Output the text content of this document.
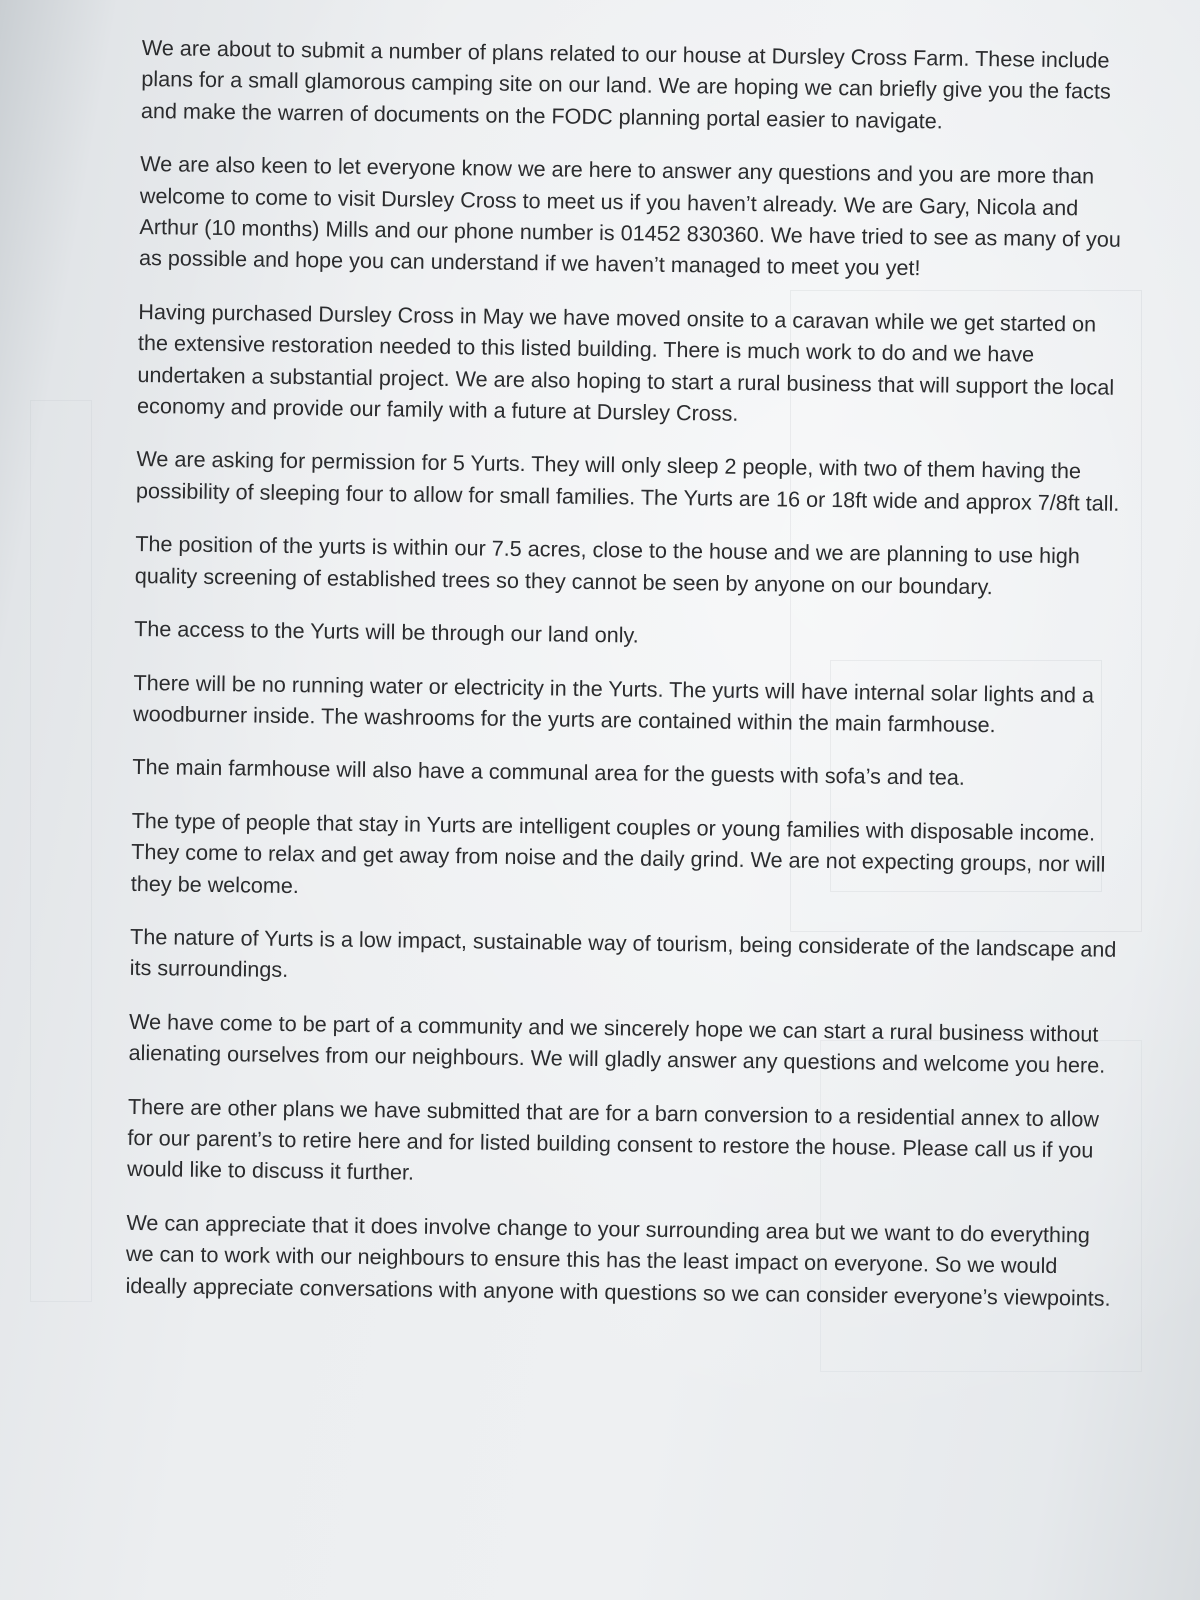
We are about to submit a number of plans related to our house at Dursley Cross Farm. These include plans for a small glamorous camping site on our land. We are hoping we can briefly give you the facts and make the warren of documents on the FODC planning portal easier to navigate.

We are also keen to let everyone know we are here to answer any questions and you are more than welcome to come to visit Dursley Cross to meet us if you haven’t already. We are Gary, Nicola and Arthur (10 months) Mills and our phone number is 01452 830360. We have tried to see as many of you as possible and hope you can understand if we haven’t managed to meet you yet!

Having purchased Dursley Cross in May we have moved onsite to a caravan while we get started on the extensive restoration needed to this listed building. There is much work to do and we have undertaken a substantial project. We are also hoping to start a rural business that will support the local economy and provide our family with a future at Dursley Cross.

We are asking for permission for 5 Yurts. They will only sleep 2 people, with two of them having the possibility of sleeping four to allow for small families. The Yurts are 16 or 18ft wide and approx 7/8ft tall.

The position of the yurts is within our 7.5 acres, close to the house and we are planning to use high quality screening of established trees so they cannot be seen by anyone on our boundary.

The access to the Yurts will be through our land only.

There will be no running water or electricity in the Yurts. The yurts will have internal solar lights and a woodburner inside. The washrooms for the yurts are contained within the main farmhouse.

The main farmhouse will also have a communal area for the guests with sofa’s and tea.

The type of people that stay in Yurts are intelligent couples or young families with disposable income. They come to relax and get away from noise and the daily grind. We are not expecting groups, nor will they be welcome.

The nature of Yurts is a low impact, sustainable way of tourism, being considerate of the landscape and its surroundings.

We have come to be part of a community and we sincerely hope we can start a rural business without alienating ourselves from our neighbours. We will gladly answer any questions and welcome you here.

There are other plans we have submitted that are for a barn conversion to a residential annex to allow for our parent’s to retire here and for listed building consent to restore the house. Please call us if you would like to discuss it further.

We can appreciate that it does involve change to your surrounding area but we want to do everything we can to work with our neighbours to ensure this has the least impact on everyone. So we would ideally appreciate conversations with anyone with questions so we can consider everyone’s viewpoints.
